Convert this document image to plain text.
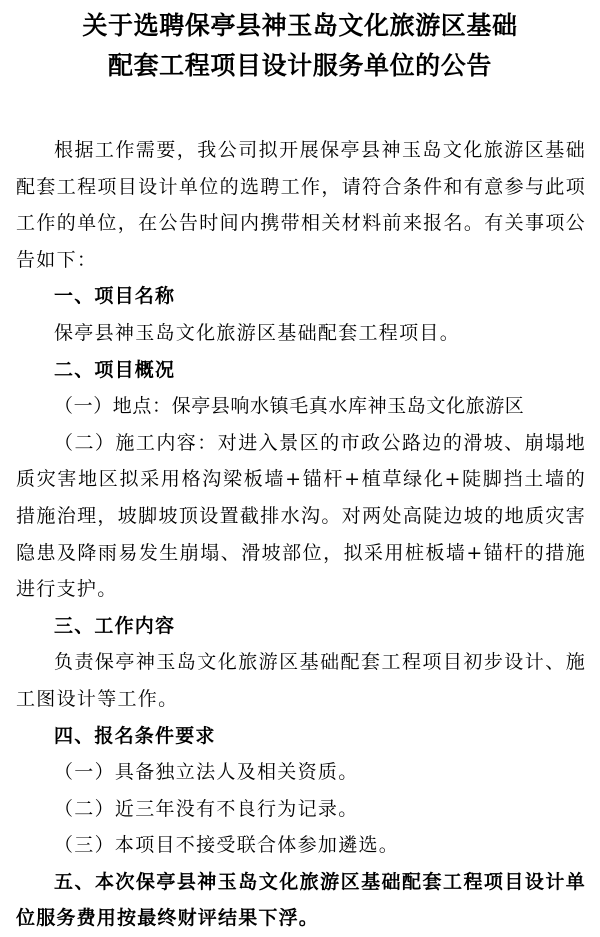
关于选聘保亭县神玉岛文化旅游区基础
配套工程项目设计服务单位的公告

根据工作需要，我公司拟开展保亭县神玉岛文化旅游区基础配套工程项目设计单位的选聘工作，请符合条件和有意参与此项工作的单位，在公告时间内携带相关材料前来报名。有关事项公告如下：

一、项目名称

保亭县神玉岛文化旅游区基础配套工程项目。

二、项目概况

（一）地点：保亭县响水镇毛真水库神玉岛文化旅游区

（二）施工内容：对进入景区的市政公路边的滑坡、崩塌地质灾害地区拟采用格沟梁板墙+锚杆+植草绿化+陡脚挡土墙的措施治理，坡脚坡顶设置截排水沟。对两处高陡边坡的地质灾害隐患及降雨易发生崩塌、滑坡部位，拟采用桩板墙+锚杆的措施进行支护。

三、工作内容

负责保亭神玉岛文化旅游区基础配套工程项目初步设计、施工图设计等工作。

四、报名条件要求

（一）具备独立法人及相关资质。

（二）近三年没有不良行为记录。

（三）本项目不接受联合体参加遴选。

五、本次保亭县神玉岛文化旅游区基础配套工程项目设计单位服务费用按最终财评结果下浮。
